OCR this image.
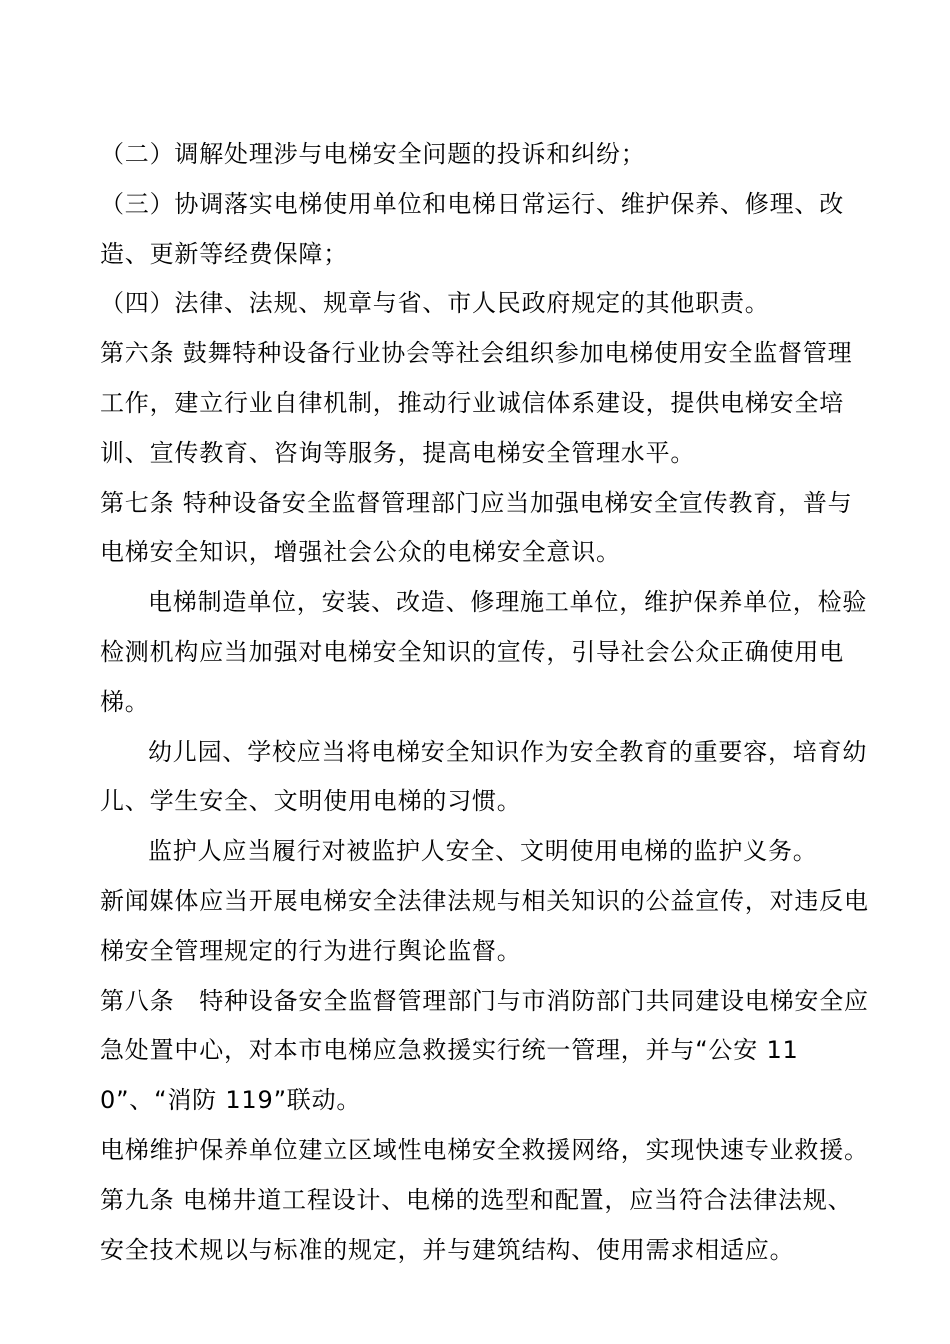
（二）调解处理涉与电梯安全问题的投诉和纠纷；

（三）协调落实电梯使用单位和电梯日常运行、维护保养、修理、改造、更新等经费保障；

（四）法律、法规、规章与省、市人民政府规定的其他职责。

第六条 鼓舞特种设备行业协会等社会组织参加电梯使用安全监督管理工作，建立行业自律机制，推动行业诚信体系建设，提供电梯安全培训、宣传教育、咨询等服务，提高电梯安全管理水平。

第七条 特种设备安全监督管理部门应当加强电梯安全宣传教育，普与电梯安全知识，增强社会公众的电梯安全意识。

电梯制造单位，安装、改造、修理施工单位，维护保养单位，检验检测机构应当加强对电梯安全知识的宣传，引导社会公众正确使用电梯。

幼儿园、学校应当将电梯安全知识作为安全教育的重要容，培育幼儿、学生安全、文明使用电梯的习惯。

监护人应当履行对被监护人安全、文明使用电梯的监护义务。

新闻媒体应当开展电梯安全法律法规与相关知识的公益宣传，对违反电梯安全管理规定的行为进行舆论监督。

第八条　特种设备安全监督管理部门与市消防部门共同建设电梯安全应急处置中心，对本市电梯应急救援实行统一管理，并与“公安 110”、“消防 119”联动。

电梯维护保养单位建立区域性电梯安全救援网络，实现快速专业救援。

第九条 电梯井道工程设计、电梯的选型和配置，应当符合法律法规、安全技术规以与标准的规定，并与建筑结构、使用需求相适应。
